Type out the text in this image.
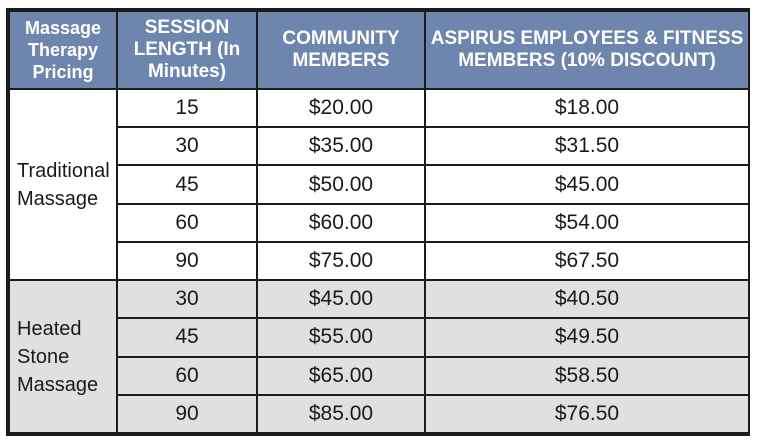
Massage Therapy Pricing	SESSION LENGTH (In Minutes)	COMMUNITY MEMBERS	ASPIRUS EMPLOYEES & FITNESS MEMBERS (10% DISCOUNT)
Traditional
Massage	15	$20.00	$18.00
	30	$35.00	$31.50
	45	$50.00	$45.00
	60	$60.00	$54.00
	90	$75.00	$67.50
Heated
Stone
Massage	30	$45.00	$40.50
	45	$55.00	$49.50
	60	$65.00	$58.50
	90	$85.00	$76.50
